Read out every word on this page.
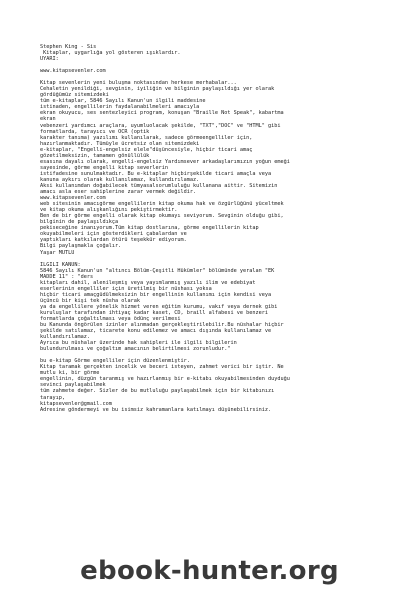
Stephen King - Sis
Kitaplar, uygarlığa yol gösteren ışıklardır.
UYARI:
www.kitapsevenler.com
Kitap sevenlerin yeni buluşma noktasından herkese merhabalar...
Cehaletin yenildiği, sevginin, iyiliğin ve bilginin paylaşıldığı yer olarak
gördüğümüz sitemizdeki
tüm e-kitaplar, 5846 Sayılı Kanun'un ilgili maddesine
istinaden, engellilerin faydalanabilmeleri amacıyla
ekran okuyucu, ses sentezleyici program, konuşan "Braille Not Speak", kabartma
ekran
vebenzeri yardımcı araçlara, uyumluolacak şekilde, "TXT","DOC" ve "HTML" gibi
formatlarda, tarayıcı ve OCR (optik
karakter tanıma) yazılımı kullanılarak, sadece görmeengelliler için,
hazırlanmaktadır. Tümüyle ücretsiz olan sitemizdeki
e-kitaplar, "Engelli-engelsiz elele"düşüncesiyle, hiçbir ticari amaç
gözetilmeksizin, tamamen gönüllülük
esasına dayalı olarak, engelli-engelsiz Yardımsever arkadaşlarımızın yoğun emeği
sayesinde, görme engelli kitap severlerin
istifadesine sunulmaktadır. Bu e-kitaplar hiçbirşekilde ticari amaçla veya
kanuna aykırı olarak kullanılamaz, kullandırılamaz.
Aksi kullanımdan doğabilecek tümyasalsorumluluğu kullanana aittir. Sitemizin
amacı asla eser sahiplerine zarar vermek değildir.
www.kitapsevenler.com
web sitesinin amacıgörme engellilerin kitap okuma hak ve özgürlüğünü yüceltmek
ve kitap okuma alışkanlığını pekiştirmektir.
Ben de bir görme engelli olarak kitap okumayı seviyorum. Sevginin olduğu gibi,
bilginin de paylaşıldıkça
pekiseceğine inanıyorum.Tüm kitap dostlarına, görme engellilerin kitap
okuyabilmeleri için gösterdikleri çabalardan ve
yaptıkları katkılardan ötürü teşekkür ediyorum.
Bilgi paylaşmakla çoğalır.
Yaşar MUTLU
İLGİLİ KANUN:
5846 Sayılı Kanun'un "altıncı Bölüm-Çeşitli Hükümler" bölümünde yeralan "EK
MADDE 11" : "ders
kitapları dahil, alenileşmiş veya yayımlanmış yazılı ilim ve edebiyat
eserlerinin engelliler için üretilmiş bir nüshası yoksa
hiçbir ticari amaçgüdülmeksizin bir engellinin kullanımı için kendisi veya
üçüncü bir kişi tek nüsha olarak
ya da engellilere yönelik hizmet veren eğitim kurumu, vakıf veya dernek gibi
kuruluşlar tarafından ihtiyaç kadar kaset, CD, braill alfabesi ve benzeri
formatlarda çoğaltılması veya ödünç verilmesi
bu Kanunda öngörülen izinler alınmadan gerçekleştirilebilir.Bu nüshalar hiçbir
şekilde satılamaz, ticarete konu edilemez ve amacı dışında kullanılamaz ve
kullandırılamaz.
Ayrıca bu nüshalar üzerinde hak sahipleri ile ilgili bilgilerin
bulundurulması ve çoğaltım amacının belirtilmesi zorunludur."
bu e-kitap Görme engelliler için düzenlenmiştir.
Kitap taramak gerçekten incelik ve beceri isteyen, zahmet verici bir iştir. Ne
mutlu ki, bir görme
engellinin, düzgün taranmış ve hazırlanmış bir e-kitabı okuyabilmesinden duyduğu
sevinci paylaşabilmek
tüm zahmete değer. Sizler de bu mutluluğu paylaşabilmek için bir kitabınızı
tarayıp,
kitapsevenler@gmail.com
Adresine göndermeyi ve bu isimsiz kahramanlara katılmayı düşünebilirsiniz.
ebook-hunter.org
